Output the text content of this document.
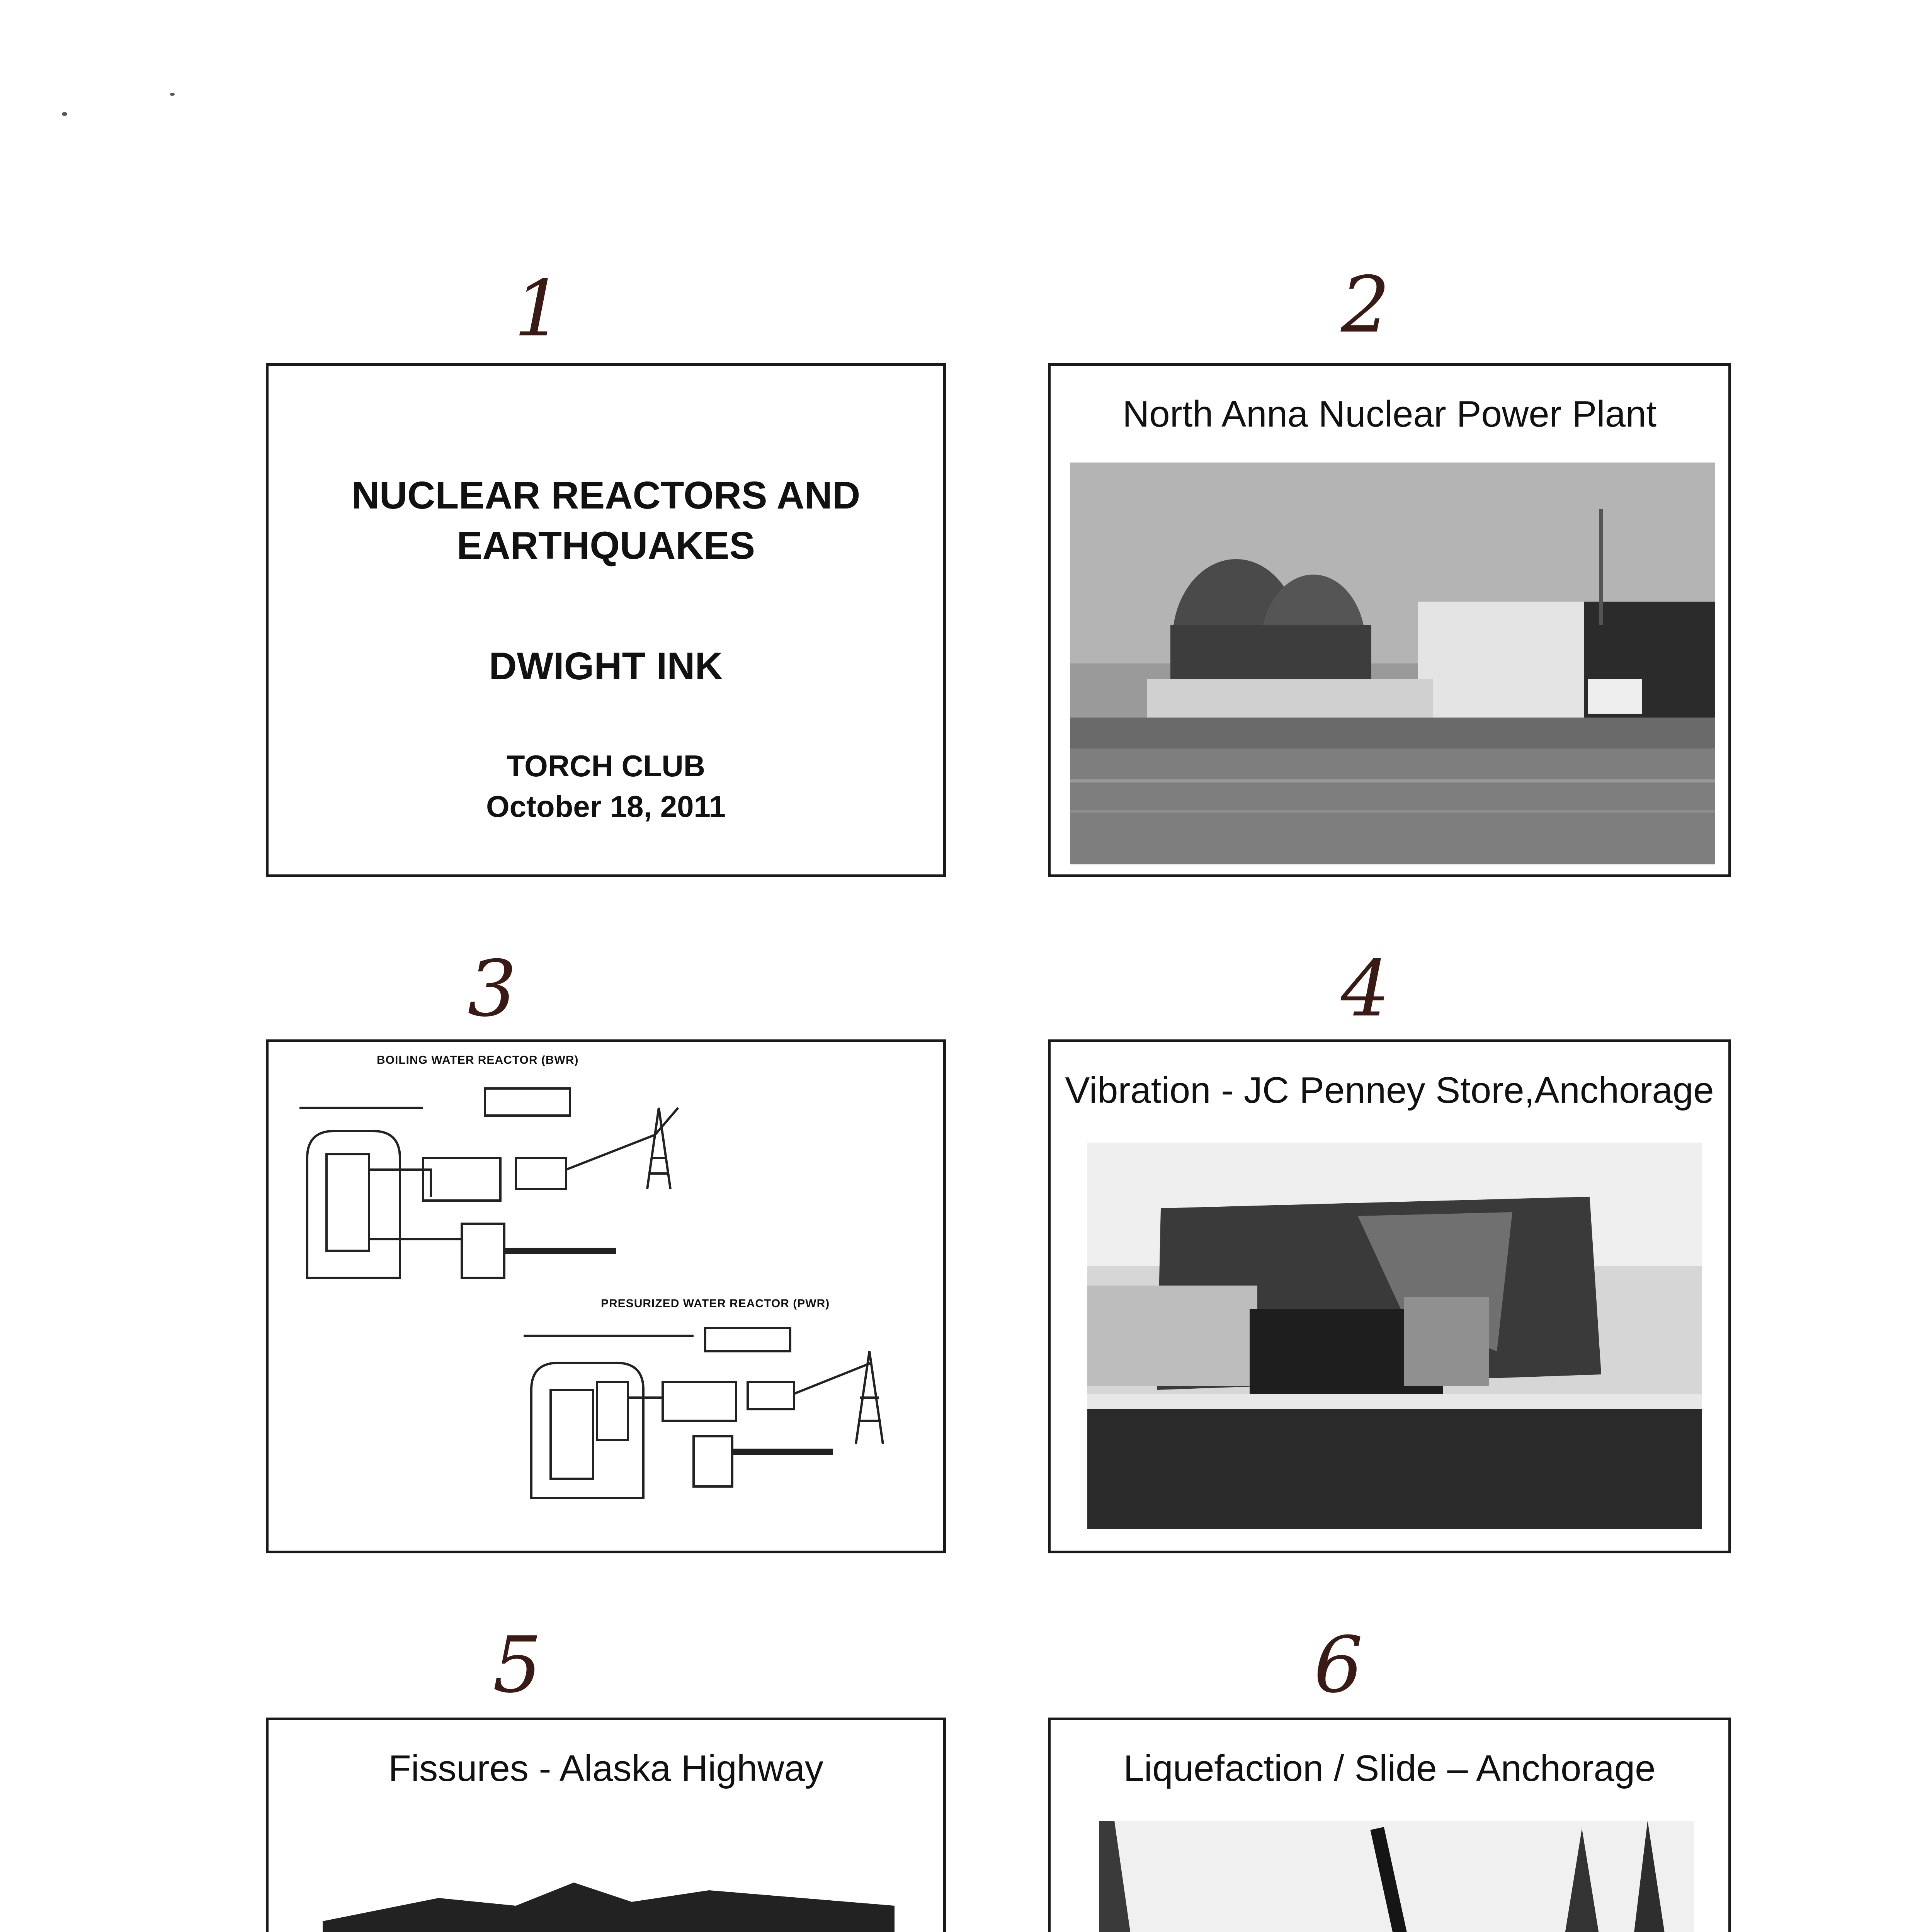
1	2
3	4
5	6
NUCLEAR REACTORS AND
EARTHQUAKES
DWIGHT INK
TORCH CLUB
October 18, 2011
North Anna Nuclear Power Plant
BOILING WATER REACTOR (BWR)
PRESURIZED WATER REACTOR (PWR)
Vibration - JC Penney Store,Anchorage
Fissures - Alaska Highway	Liquefaction / Slide – Anchorage
